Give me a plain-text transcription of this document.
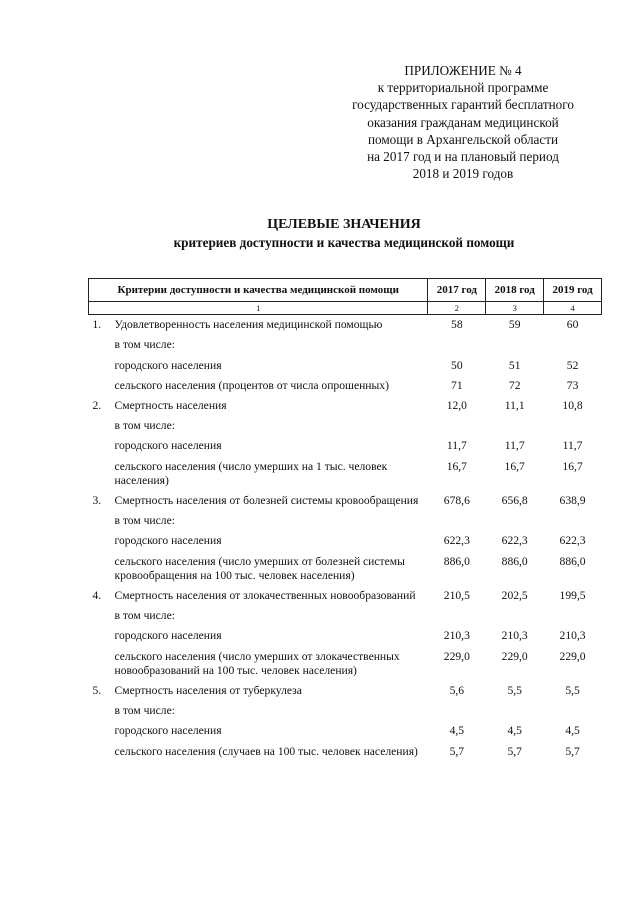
ПРИЛОЖЕНИЕ № 4
к территориальной программе
государственных гарантий бесплатного
оказания гражданам медицинской
помощи в Архангельской области
на 2017 год и на плановый период
2018 и 2019 годов
ЦЕЛЕВЫЕ ЗНАЧЕНИЯ
критериев доступности и качества медицинской помощи
Критерии доступности и качества медицинской помощи	2017 год	2018 год	2019 год
1	2	3	4
1. Удовлетворенность населения медицинской помощью	58	59	60
в том числе:			
городского населения	50	51	52
сельского населения (процентов от числа опрошенных)	71	72	73
2. Смертность населения	12,0	11,1	10,8
в том числе:			
городского населения	11,7	11,7	11,7
сельского населения (число умерших на 1 тыс. человек населения)	16,7	16,7	16,7
3. Смертность населения от болезней системы кровообращения	678,6	656,8	638,9
в том числе:			
городского населения	622,3	622,3	622,3
сельского населения (число умерших от болезней системы кровообращения на 100 тыс. человек населения)	886,0	886,0	886,0
4. Смертность населения от злокачественных новообразований	210,5	202,5	199,5
в том числе:			
городского населения	210,3	210,3	210,3
сельского населения (число умерших от злокачественных новообразований на 100 тыс. человек населения)	229,0	229,0	229,0
5. Смертность населения от туберкулеза	5,6	5,5	5,5
в том числе:			
городского населения	4,5	4,5	4,5
сельского населения (случаев на 100 тыс. человек населения)	5,7	5,7	5,7
